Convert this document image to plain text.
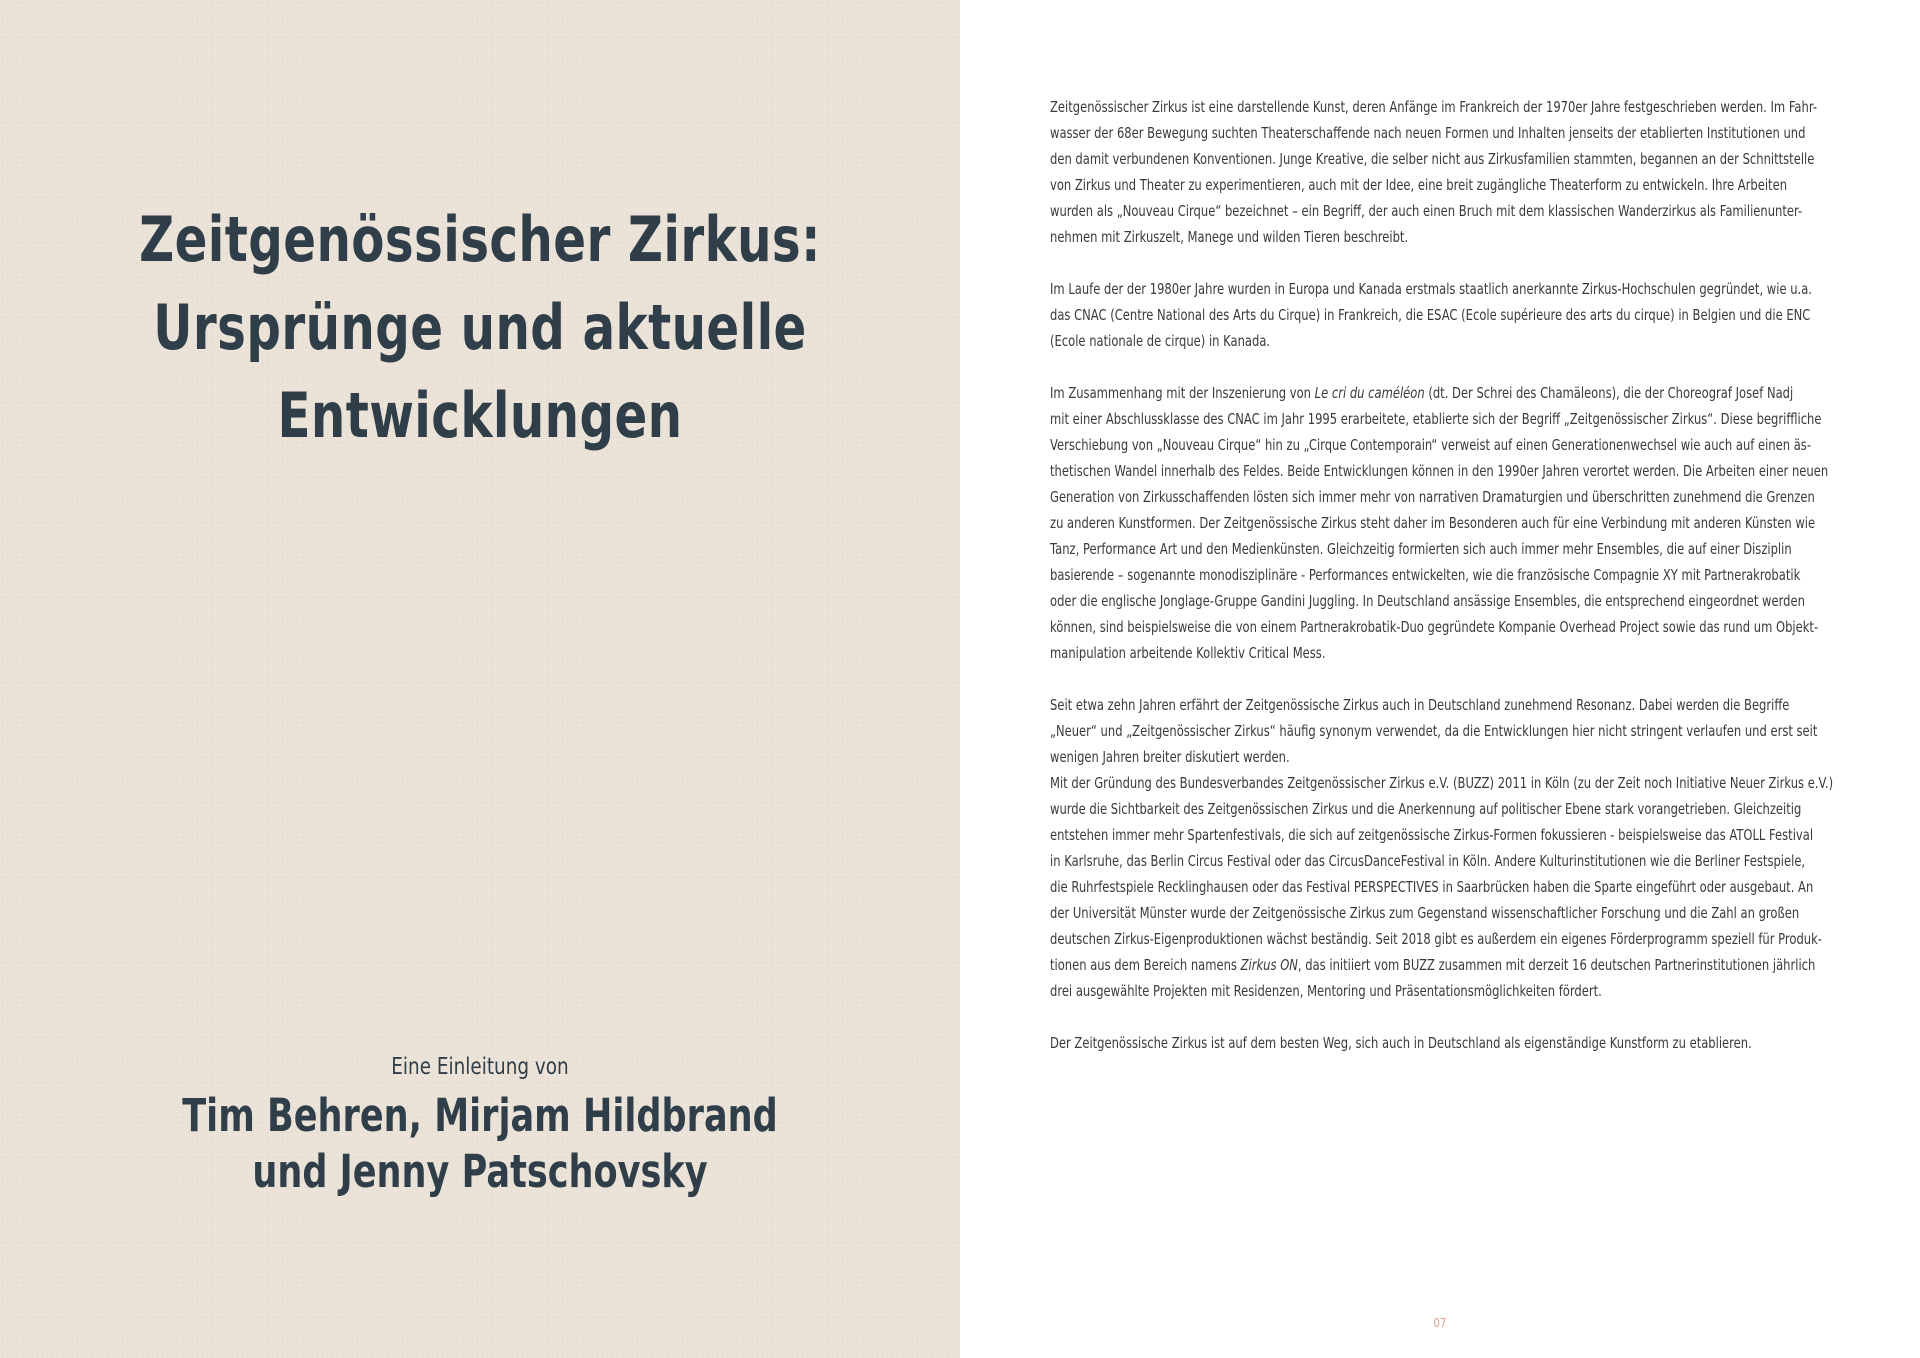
Zeitgenössischer Zirkus:
Ursprünge und aktuelle
Entwicklungen
Eine Einleitung von
Tim Behren, Mirjam Hildbrand
und Jenny Patschovsky
Zeitgenössischer Zirkus ist eine darstellende Kunst, deren Anfänge im Frankreich der 1970er Jahre festgeschrieben werden. Im Fahr-
wasser der 68er Bewegung suchten Theaterschaffende nach neuen Formen und Inhalten jenseits der etablierten Institutionen und
den damit verbundenen Konventionen. Junge Kreative, die selber nicht aus Zirkusfamilien stammten, begannen an der Schnittstelle
von Zirkus und Theater zu experimentieren, auch mit der Idee, eine breit zugängliche Theaterform zu entwickeln. Ihre Arbeiten
wurden als „Nouveau Cirque“ bezeichnet – ein Begriff, der auch einen Bruch mit dem klassischen Wanderzirkus als Familienunter-
nehmen mit Zirkuszelt, Manege und wilden Tieren beschreibt.
Im Laufe der der 1980er Jahre wurden in Europa und Kanada erstmals staatlich anerkannte Zirkus-Hochschulen gegründet, wie u.a.
das CNAC (Centre National des Arts du Cirque) in Frankreich, die ESAC (Ecole supérieure des arts du cirque) in Belgien und die ENC
(Ecole nationale de cirque) in Kanada.
Im Zusammenhang mit der Inszenierung von Le cri du caméléon (dt. Der Schrei des Chamäleons), die der Choreograf Josef Nadj
mit einer Abschlussklasse des CNAC im Jahr 1995 erarbeitete, etablierte sich der Begriff „Zeitgenössischer Zirkus“. Diese begriffliche
Verschiebung von „Nouveau Cirque“ hin zu „Cirque Contemporain“ verweist auf einen Generationenwechsel wie auch auf einen äs-
thetischen Wandel innerhalb des Feldes. Beide Entwicklungen können in den 1990er Jahren verortet werden. Die Arbeiten einer neuen
Generation von Zirkusschaffenden lösten sich immer mehr von narrativen Dramaturgien und überschritten zunehmend die Grenzen
zu anderen Kunstformen. Der Zeitgenössische Zirkus steht daher im Besonderen auch für eine Verbindung mit anderen Künsten wie
Tanz, Performance Art und den Medienkünsten. Gleichzeitig formierten sich auch immer mehr Ensembles, die auf einer Disziplin
basierende – sogenannte monodisziplinäre - Performances entwickelten, wie die französische Compagnie XY mit Partnerakrobatik
oder die englische Jonglage-Gruppe Gandini Juggling. In Deutschland ansässige Ensembles, die entsprechend eingeordnet werden
können, sind beispielsweise die von einem Partnerakrobatik-Duo gegründete Kompanie Overhead Project sowie das rund um Objekt-
manipulation arbeitende Kollektiv Critical Mess.
Seit etwa zehn Jahren erfährt der Zeitgenössische Zirkus auch in Deutschland zunehmend Resonanz. Dabei werden die Begriffe
„Neuer“ und „Zeitgenössischer Zirkus“ häufig synonym verwendet, da die Entwicklungen hier nicht stringent verlaufen und erst seit
wenigen Jahren breiter diskutiert werden.
Mit der Gründung des Bundesverbandes Zeitgenössischer Zirkus e.V. (BUZZ) 2011 in Köln (zu der Zeit noch Initiative Neuer Zirkus e.V.)
wurde die Sichtbarkeit des Zeitgenössischen Zirkus und die Anerkennung auf politischer Ebene stark vorangetrieben. Gleichzeitig
entstehen immer mehr Spartenfestivals, die sich auf zeitgenössische Zirkus-Formen fokussieren - beispielsweise das ATOLL Festival
in Karlsruhe, das Berlin Circus Festival oder das CircusDanceFestival in Köln. Andere Kulturinstitutionen wie die Berliner Festspiele,
die Ruhrfestspiele Recklinghausen oder das Festival PERSPECTIVES in Saarbrücken haben die Sparte eingeführt oder ausgebaut. An
der Universität Münster wurde der Zeitgenössische Zirkus zum Gegenstand wissenschaftlicher Forschung und die Zahl an großen
deutschen Zirkus-Eigenproduktionen wächst beständig. Seit 2018 gibt es außerdem ein eigenes Förderprogramm speziell für Produk-
tionen aus dem Bereich namens Zirkus ON, das initiiert vom BUZZ zusammen mit derzeit 16 deutschen Partnerinstitutionen jährlich
drei ausgewählte Projekten mit Residenzen, Mentoring und Präsentationsmöglichkeiten fördert.
Der Zeitgenössische Zirkus ist auf dem besten Weg, sich auch in Deutschland als eigenständige Kunstform zu etablieren.
07
